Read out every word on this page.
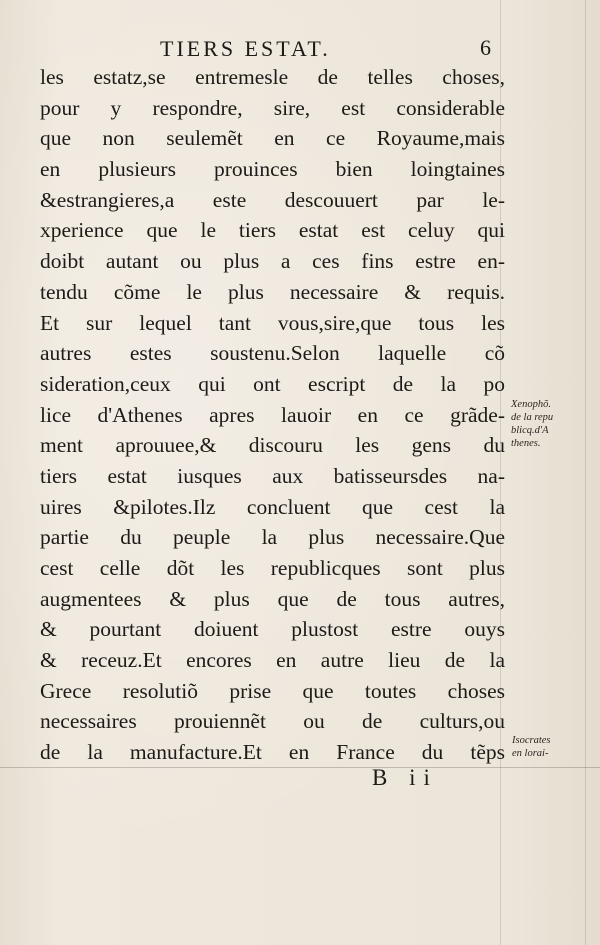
TIERS ESTAT.	6
les estatz,se entremesle de telles choses,
pour y respondre, sire, est considerable
que non seulemẽt en ce Royaume,mais
en plusieurs prouinces bien loingtaines
&estrangieres,a este descouuert par le-
xperience que le tiers estat est celuy qui
doibt autant ou plus a ces fins estre en-
tendu cõme le plus necessaire & requis.
Et sur lequel tant vous,sire,que tous les
autres estes soustenu.Selon laquelle cõ
sideration,ceux qui ont escript de la po
lice d'Athenes apres lauoir en ce grãde-
ment aprouuee,& discouru les gens du
tiers estat iusques aux batisseursdes na-
uires &pilotes.Ilz concluent que cest la
partie du peuple la plus necessaire.Que
cest celle dõt les republicques sont plus
augmentees & plus que de tous autres,
& pourtant doiuent plustost estre ouys
& receuz.Et encores en autre lieu de la
Grece resolutiõ prise que toutes choses
necessaires prouiennẽt ou de culturs,ou
de la manufacture.Et en France du tẽps
Xenophõ.
de la repu
blicq.d'A
thenes.
Isocrates
en lorai-
B ii
